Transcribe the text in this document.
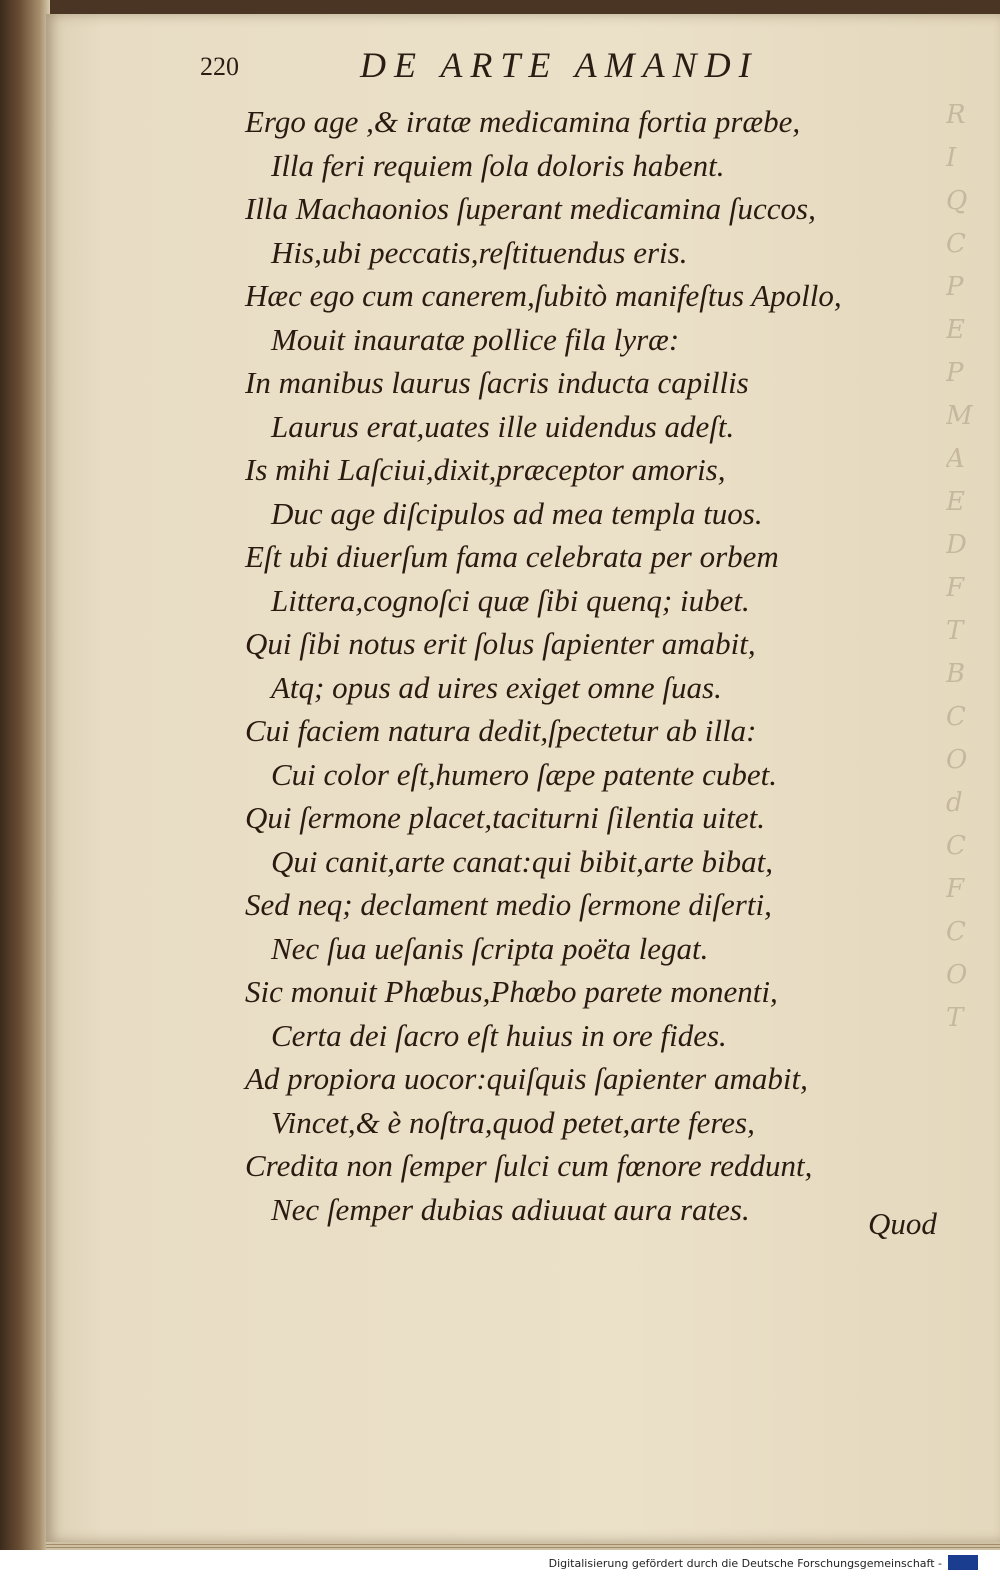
R
I
Q
C
P
E
P
M
A
E
D
F
T
B
C
O
d
C
F
C
O
T
220	DE ARTE AMANDI
Ergo age ,& iratæ medicamina fortia præbe,
Illa feri requiem ſola doloris habent.
Illa Machaonios ſuperant medicamina ſuccos,
His,ubi peccatis,reſtituendus eris.
Hæc ego cum canerem,ſubitò manifeſtus Apollo,
Mouit inauratæ pollice fila lyræ:
In manibus laurus ſacris inducta capillis
Laurus erat,uates ille uidendus adeſt.
Is mihi Laſciui,dixit,præceptor amoris,
Duc age diſcipulos ad mea templa tuos.
Eſt ubi diuerſum fama celebrata per orbem
Littera,cognoſci quæ ſibi quenq; iubet.
Qui ſibi notus erit ſolus ſapienter amabit,
Atq; opus ad uires exiget omne ſuas.
Cui faciem natura dedit,ſpectetur ab illa:
Cui color eſt,humero ſæpe patente cubet.
Qui ſermone placet,taciturni ſilentia uitet.
Qui canit,arte canat:qui bibit,arte bibat,
Sed neq; declament medio ſermone diſerti,
Nec ſua ueſanis ſcripta poëta legat.
Sic monuit Phœbus,Phœbo parete monenti,
Certa dei ſacro eſt huius in ore fides.
Ad propiora uocor:quiſquis ſapienter amabit,
Vincet,& è noſtra,quod petet,arte feres,
Credita non ſemper ſulci cum fœnore reddunt,
Nec ſemper dubias adiuuat aura rates.	Quod
Digitalisierung gefördert durch die Deutsche Forschungsgemeinschaft -
